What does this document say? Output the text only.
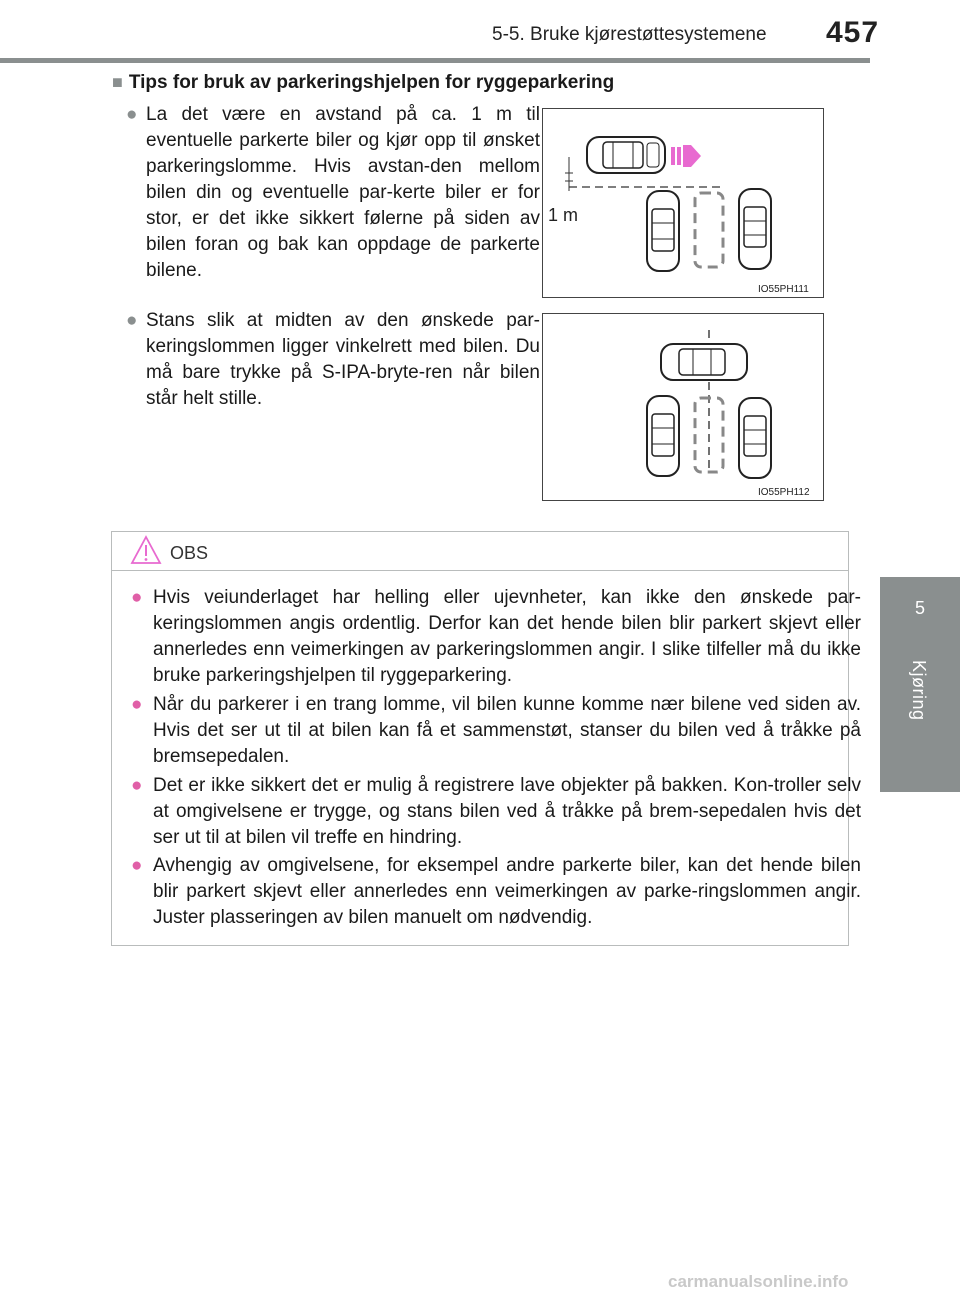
5-5. Bruke kjørestøttesystemene 457
5
Kjøring
■ Tips for bruk av parkeringshjelpen for ryggeparkering
● La det være en avstand på ca. 1 m til eventuelle parkerte biler og kjør opp til ønsket parkeringslomme. Hvis avstan-den mellom bilen din og eventuelle par-kerte biler er for stor, er det ikke sikkert følerne på siden av bilen foran og bak kan oppdage de parkerte bilene.
● Stans slik at midten av den ønskede par-keringslommen ligger vinkelrett med bilen. Du må bare trykke på S-IPA-bryte-ren når bilen står helt stille.
1 m
IO55PH111
IO55PH112
OBS
● Hvis veiunderlaget har helling eller ujevnheter, kan ikke den ønskede par-keringslommen angis ordentlig. Derfor kan det hende bilen blir parkert skjevt eller annerledes enn veimerkingen av parkeringslommen angir. I slike tilfeller må du ikke bruke parkeringshjelpen til ryggeparkering.
● Når du parkerer i en trang lomme, vil bilen kunne komme nær bilene ved siden av. Hvis det ser ut til at bilen kan få et sammenstøt, stanser du bilen ved å tråkke på bremsepedalen.
● Det er ikke sikkert det er mulig å registrere lave objekter på bakken. Kon-troller selv at omgivelsene er trygge, og stans bilen ved å tråkke på brem-sepedalen hvis det ser ut til at bilen vil treffe en hindring.
● Avhengig av omgivelsene, for eksempel andre parkerte biler, kan det hende bilen blir parkert skjevt eller annerledes enn veimerkingen av parke-ringslommen angir. Juster plasseringen av bilen manuelt om nødvendig.
carmanualsonline.info
